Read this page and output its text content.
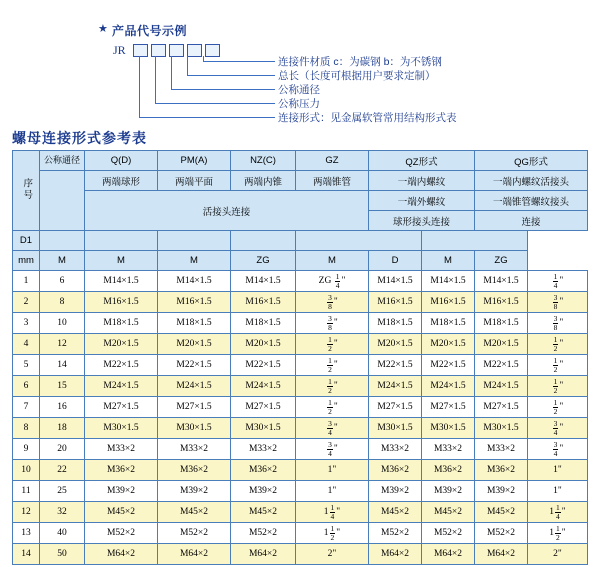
★ 产品代号示例
JR
连接件材质 c：为碳钢 b：为不锈钢
总长（长度可根据用户要求定制）
公称通径
公称压力
连接形式：见金属软管常用结构形式表
螺母连接形式参考表
序号	公称通径	Q(D)	PM(A)	NZ(C)	GZ	QZ形式		QG形式	
		两端球形	两端平面	两端内锥	两端锥管	一端内螺纹		一端内螺纹活接头	
		活接头连接				一端外螺纹		一端锥管螺纹接头	
						球形接头连接		连接	
D1									
mm	M	M	M	ZG	M	D	M	ZG	
1	6	M14×1.5	M14×1.5	M14×1.5	ZG $\frac{1}{4}$ "	M14×1.5	M14×1.5	M14×1.5	$\frac{1}{4}$ "

2	8	M16×1.5	M16×1.5	M16×1.5	$\frac{3}{8}$ "	M16×1.5	M16×1.5	M16×1.5	$\frac{3}{8}$ "

3	10	M18×1.5	M18×1.5	M18×1.5	$\frac{3}{8}$ "	M18×1.5	M18×1.5	M18×1.5	$\frac{3}{8}$ "

4	12	M20×1.5	M20×1.5	M20×1.5	$\frac{1}{2}$ "	M20×1.5	M20×1.5	M20×1.5	$\frac{1}{2}$ "

5	14	M22×1.5	M22×1.5	M22×1.5	$\frac{1}{2}$ "	M22×1.5	M22×1.5	M22×1.5	$\frac{1}{2}$ "

6	15	M24×1.5	M24×1.5	M24×1.5	$\frac{1}{2}$ "	M24×1.5	M24×1.5	M24×1.5	$\frac{1}{2}$ "

7	16	M27×1.5	M27×1.5	M27×1.5	$\frac{1}{2}$ "	M27×1.5	M27×1.5	M27×1.5	$\frac{1}{2}$ "

8	18	M30×1.5	M30×1.5	M30×1.5	$\frac{3}{4}$ "	M30×1.5	M30×1.5	M30×1.5	$\frac{3}{4}$ "

9	20	M33×2	M33×2	M33×2	$\frac{3}{4}$ "	M33×2	M33×2	M33×2	$\frac{3}{4}$ "

10	22	M36×2	M36×2	M36×2	1"	M36×2	M36×2	M36×2	1"

11	25	M39×2	M39×2	M39×2	1"	M39×2	M39×2	M39×2	1"

12	32	M45×2	M45×2	M45×2	$1 \frac{1}{4}$ "	M45×2	M45×2	M45×2	$1 \frac{1}{4}$ "

13	40	M52×2	M52×2	M52×2	$1 \frac{1}{2}$ "	M52×2	M52×2	M52×2	$1 \frac{1}{2}$ "

14	50	M64×2	M64×2	M64×2	2"	M64×2	M64×2	M64×2	2"
